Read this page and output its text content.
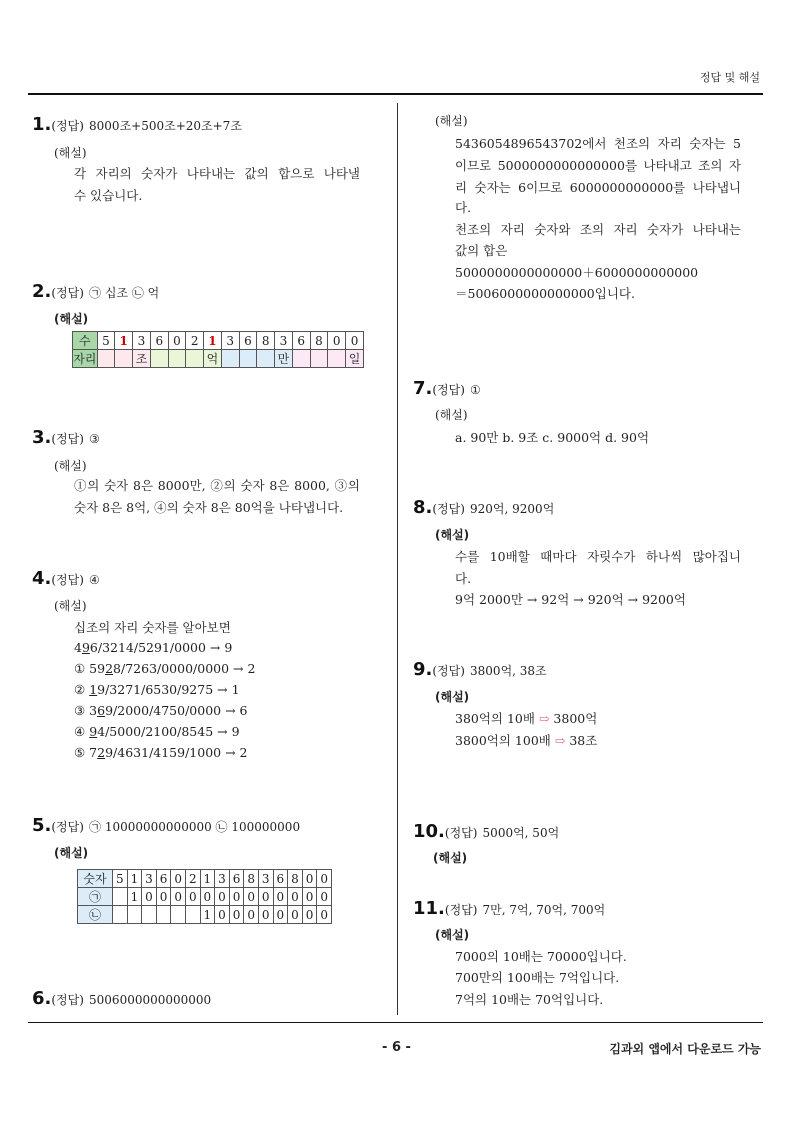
정답 및 해설
- 6 -	김과외 앱에서 다운로드 가능
1.(정답) 8000조+500조+20조+7조
(해설)
각 자리의 숫자가 나타내는 값의 합으로 나타낼
수 있습니다.
2.(정답) ㉠ 십조 ㉡ 억
(해설)
수	5	1	3	6	0	2	1	3	6	8	3	6	8	0	0
자리			조				억				만				일
3.(정답) ③
(해설)
①의 숫자 8은 8000만, ②의 숫자 8은 8000, ③의
숫자 8은 8억, ④의 숫자 8은 80억을 나타냅니다.
4.(정답) ④
(해설)
십조의 자리 숫자를 알아보면
496/3214/5291/0000 → 9
① 5928/7263/0000/0000 → 2
② 19/3271/6530/9275 → 1
③ 369/2000/4750/0000 → 6
④ 94/5000/2100/8545 → 9
⑤ 729/4631/4159/1000 → 2
5.(정답) ㉠ 10000000000000 ㉡ 100000000
(해설)
숫자	5	1	3	6	0	2	1	3	6	8	3	6	8	0	0
㉠		1	0	0	0	0	0	0	0	0	0	0	0	0	0
㉡							1	0	0	0	0	0	0	0	0
6.(정답) 5006000000000000
(해설)
5436054896543702에서 천조의 자리 숫자는 5
이므로 5000000000000000를 나타내고 조의 자
리 숫자는 6이므로 6000000000000를 나타냅니
다.
천조의 자리 숫자와 조의 자리 숫자가 나타내는
값의 합은
5000000000000000＋6000000000000
＝5006000000000000입니다.
7.(정답) ①
(해설)
a. 90만 b. 9조 c. 9000억 d. 90억
8.(정답) 920억, 9200억
(해설)
수를 10배할 때마다 자릿수가 하나씩 많아집니
다.
9억 2000만 → 92억 → 920억 → 9200억
9.(정답) 3800억, 38조
(해설)
380억의 10배 ⇨ 3800억
3800억의 100배 ⇨ 38조
10.(정답) 5000억, 50억
(해설)
11.(정답) 7만, 7억, 70억, 700억
(해설)
7000의 10배는 70000입니다.
700만의 100배는 7억입니다.
7억의 10배는 70억입니다.
